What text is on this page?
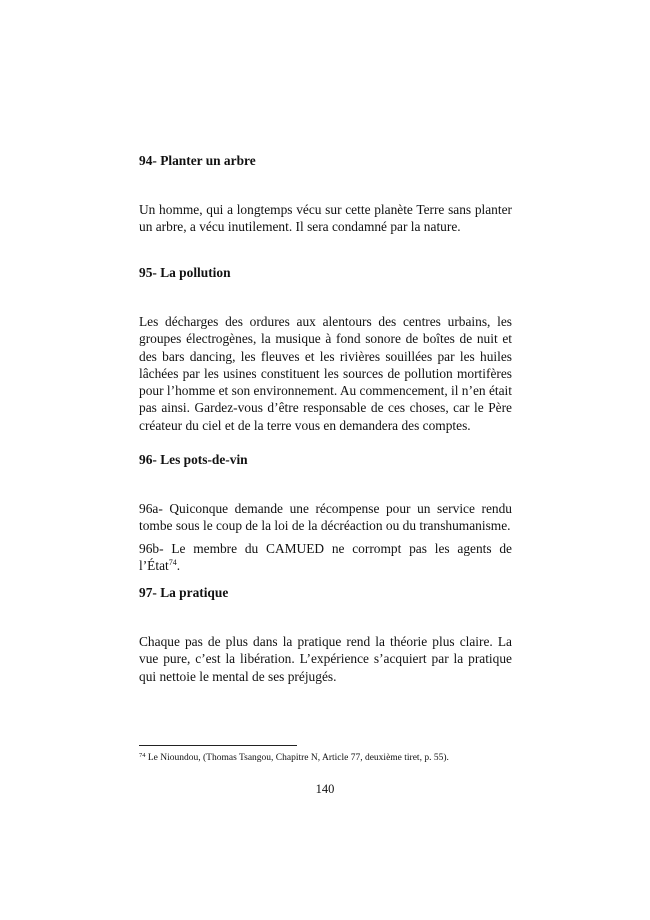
94- Planter un arbre

Un homme, qui a longtemps vécu sur cette planète Terre sans planter un arbre, a vécu inutilement. Il sera condamné par la nature.

95- La pollution

Les décharges des ordures aux alentours des centres urbains, les groupes électrogènes, la musique à fond sonore de boîtes de nuit et des bars dancing, les fleuves et les rivières souillées par les huiles lâchées par les usines constituent les sources de pollution mortifères pour l’homme et son environnement. Au commencement, il n’en était pas ainsi. Gardez-vous d’être responsable de ces choses, car le Père créateur du ciel et de la terre vous en demandera des comptes.

96- Les pots-de-vin

96a- Quiconque demande une récompense pour un service rendu tombe sous le coup de la loi de la décréaction ou du transhumanisme.

96b- Le membre du CAMUED ne corrompt pas les agents de l’État$^{74}$.

97- La pratique

Chaque pas de plus dans la pratique rend la théorie plus claire. La vue pure, c’est la libération. L’expérience s’acquiert par la pratique qui nettoie le mental de ses préjugés.

$^{74}$ Le Nioundou, (Thomas Tsangou, Chapitre N, Article 77, deuxième tiret, p. 55).
140
